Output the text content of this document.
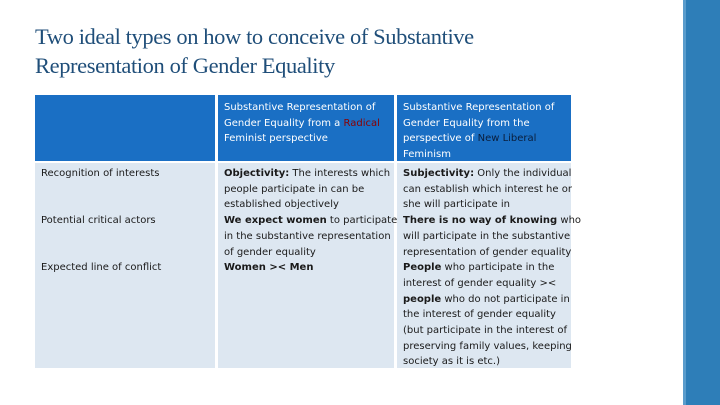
Two ideal types on how to conceive of Substantive
Representation of Gender Equality
Substantive Representation of
Gender Equality from a Radical
Feminist perspective
Substantive Representation of
Gender Equality from the
perspective of New Liberal
Feminism
Recognition of interests
Potential critical actors
Expected line of conflict
Objectivity: The interests which
people participate in can be
established objectively
We expect women to participate
in the substantive representation
of gender equality
Women >< Men
Subjectivity: Only the individual
can establish which interest he or
she will participate in
There is no way of knowing who
will participate in the substantive
representation of gender equality
People who participate in the
interest of gender equality ><
people who do not participate in
the interest of gender equality
(but participate in the interest of
preserving family values, keeping
society as it is etc.)
